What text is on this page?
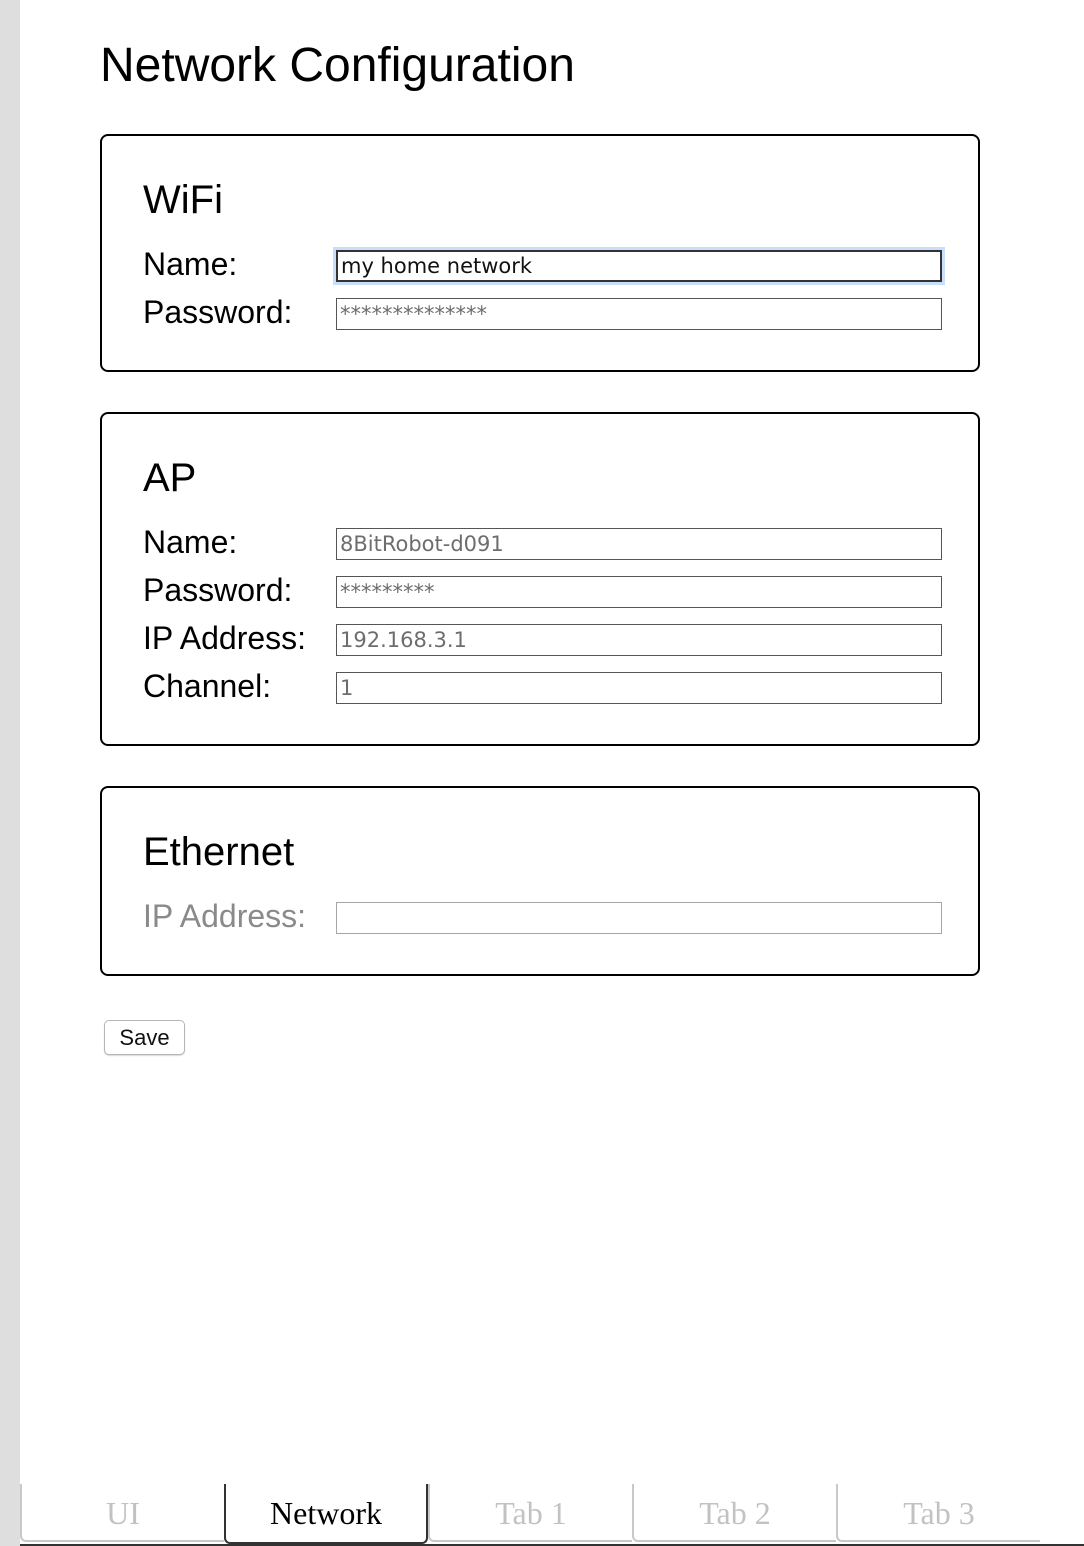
Network Configuration
WiFi
Name:	my home network
Password: **************
AP
Name:	8BitRobot-d091
Password: *********
IP Address: 192.168.3.1
Channel:	1
Ethernet
IP Address:
Save
UI	Network	Tab 1	Tab 2	Tab 3
